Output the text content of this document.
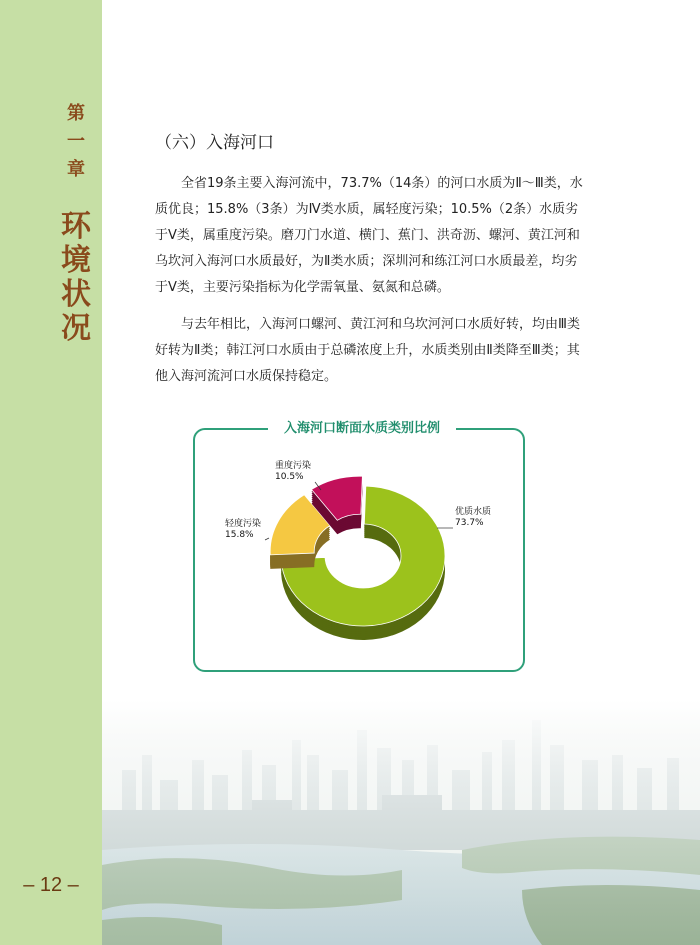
第
一
章
环
境
状
况
– 12 –
（六）入海河口

全省19条主要入海河流中，73.7%（14条）的河口水质为Ⅱ～Ⅲ类，水质优良；15.8%（3条）为Ⅳ类水质，属轻度污染；10.5%（2条）水质劣于Ⅴ类，属重度污染。磨刀门水道、横门、蕉门、洪奇沥、螺河、黄江河和乌坎河入海河口水质最好，为Ⅱ类水质；深圳河和练江河口水质最差，均劣于Ⅴ类，主要污染指标为化学需氧量、氨氮和总磷。

与去年相比，入海河口螺河、黄江河和乌坎河河口水质好转，均由Ⅲ类好转为Ⅱ类；韩江河口水质由于总磷浓度上升，水质类别由Ⅱ类降至Ⅲ类；其他入海河流河口水质保持稳定。

入海河口断面水质类别比例
优质水质
73.7%
轻度污染
15.8%
重度污染
10.5%
